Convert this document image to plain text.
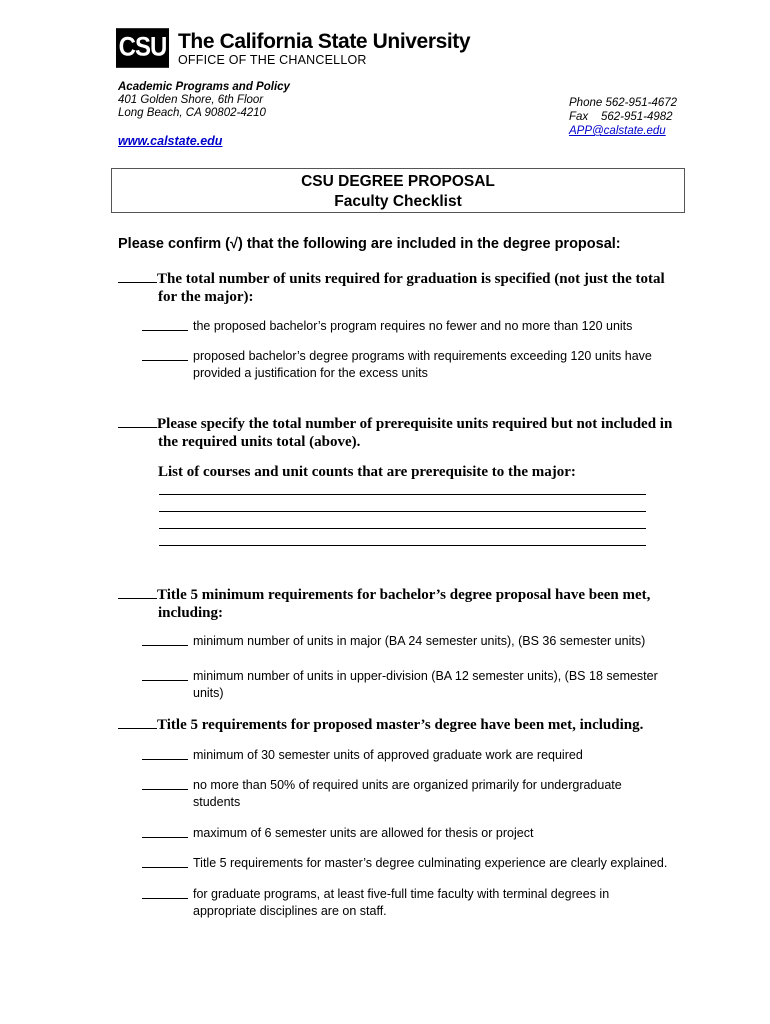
CSU The California State University
OFFICE OF THE CHANCELLOR
Academic Programs and Policy
401 Golden Shore, 6th Floor
Long Beach, CA 90802-4210
www.calstate.edu
Phone 562-951-4672
Fax    562-951-4982
APP@calstate.edu
CSU DEGREE PROPOSAL
Faculty Checklist
Please confirm (√) that the following are included in the degree proposal:
The total number of units required for graduation is specified (not just the total
for the major):
the proposed bachelor’s program requires no fewer and no more than 120 units
proposed bachelor’s degree programs with requirements exceeding 120 units have provided a justification for the excess units
Please specify the total number of prerequisite units required but not included in
the required units total (above).
List of courses and unit counts that are prerequisite to the major:
Title 5 minimum requirements for bachelor’s degree proposal have been met,
including:
minimum number of units in major (BA 24 semester units), (BS 36 semester units)
minimum number of units in upper-division (BA 12 semester units), (BS 18 semester units)
Title 5 requirements for proposed master’s degree have been met, including.
minimum of 30 semester units of approved graduate work are required
no more than 50% of required units are organized primarily for undergraduate students
maximum of 6 semester units are allowed for thesis or project
Title 5 requirements for master’s degree culminating experience are clearly explained.
for graduate programs, at least five-full time faculty with terminal degrees in appropriate disciplines are on staff.
